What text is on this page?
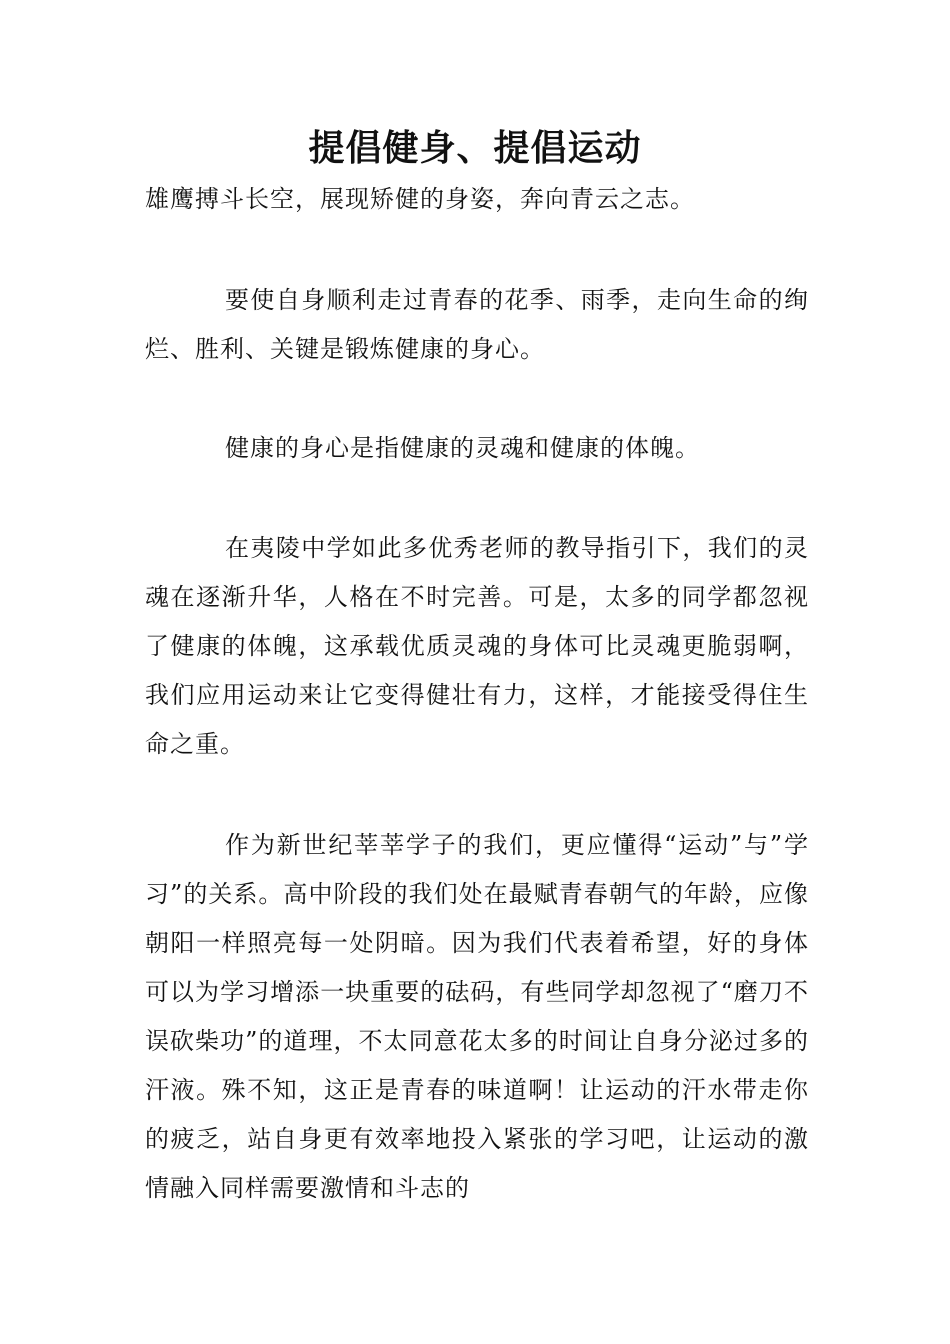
提倡健身、提倡运动

雄鹰搏斗长空，展现矫健的身姿，奔向青云之志。

要使自身顺利走过青春的花季、雨季，走向生命的绚烂、胜利、关键是锻炼健康的身心。

健康的身心是指健康的灵魂和健康的体魄。

在夷陵中学如此多优秀老师的教导指引下，我们的灵魂在逐渐升华，人格在不时完善。可是，太多的同学都忽视了健康的体魄，这承载优质灵魂的身体可比灵魂更脆弱啊，我们应用运动来让它变得健壮有力，这样，才能接受得住生命之重。

作为新世纪莘莘学子的我们，更应懂得“运动”与”学习”的关系。高中阶段的我们处在最赋青春朝气的年龄，应像朝阳一样照亮每一处阴暗。因为我们代表着希望，好的身体可以为学习增添一块重要的砝码，有些同学却忽视了“磨刀不误砍柴功”的道理，不太同意花太多的时间让自身分泌过多的汗液。殊不知，这正是青春的味道啊！让运动的汗水带走你的疲乏，站自身更有效率地投入紧张的学习吧，让运动的激情融入同样需要激情和斗志的
